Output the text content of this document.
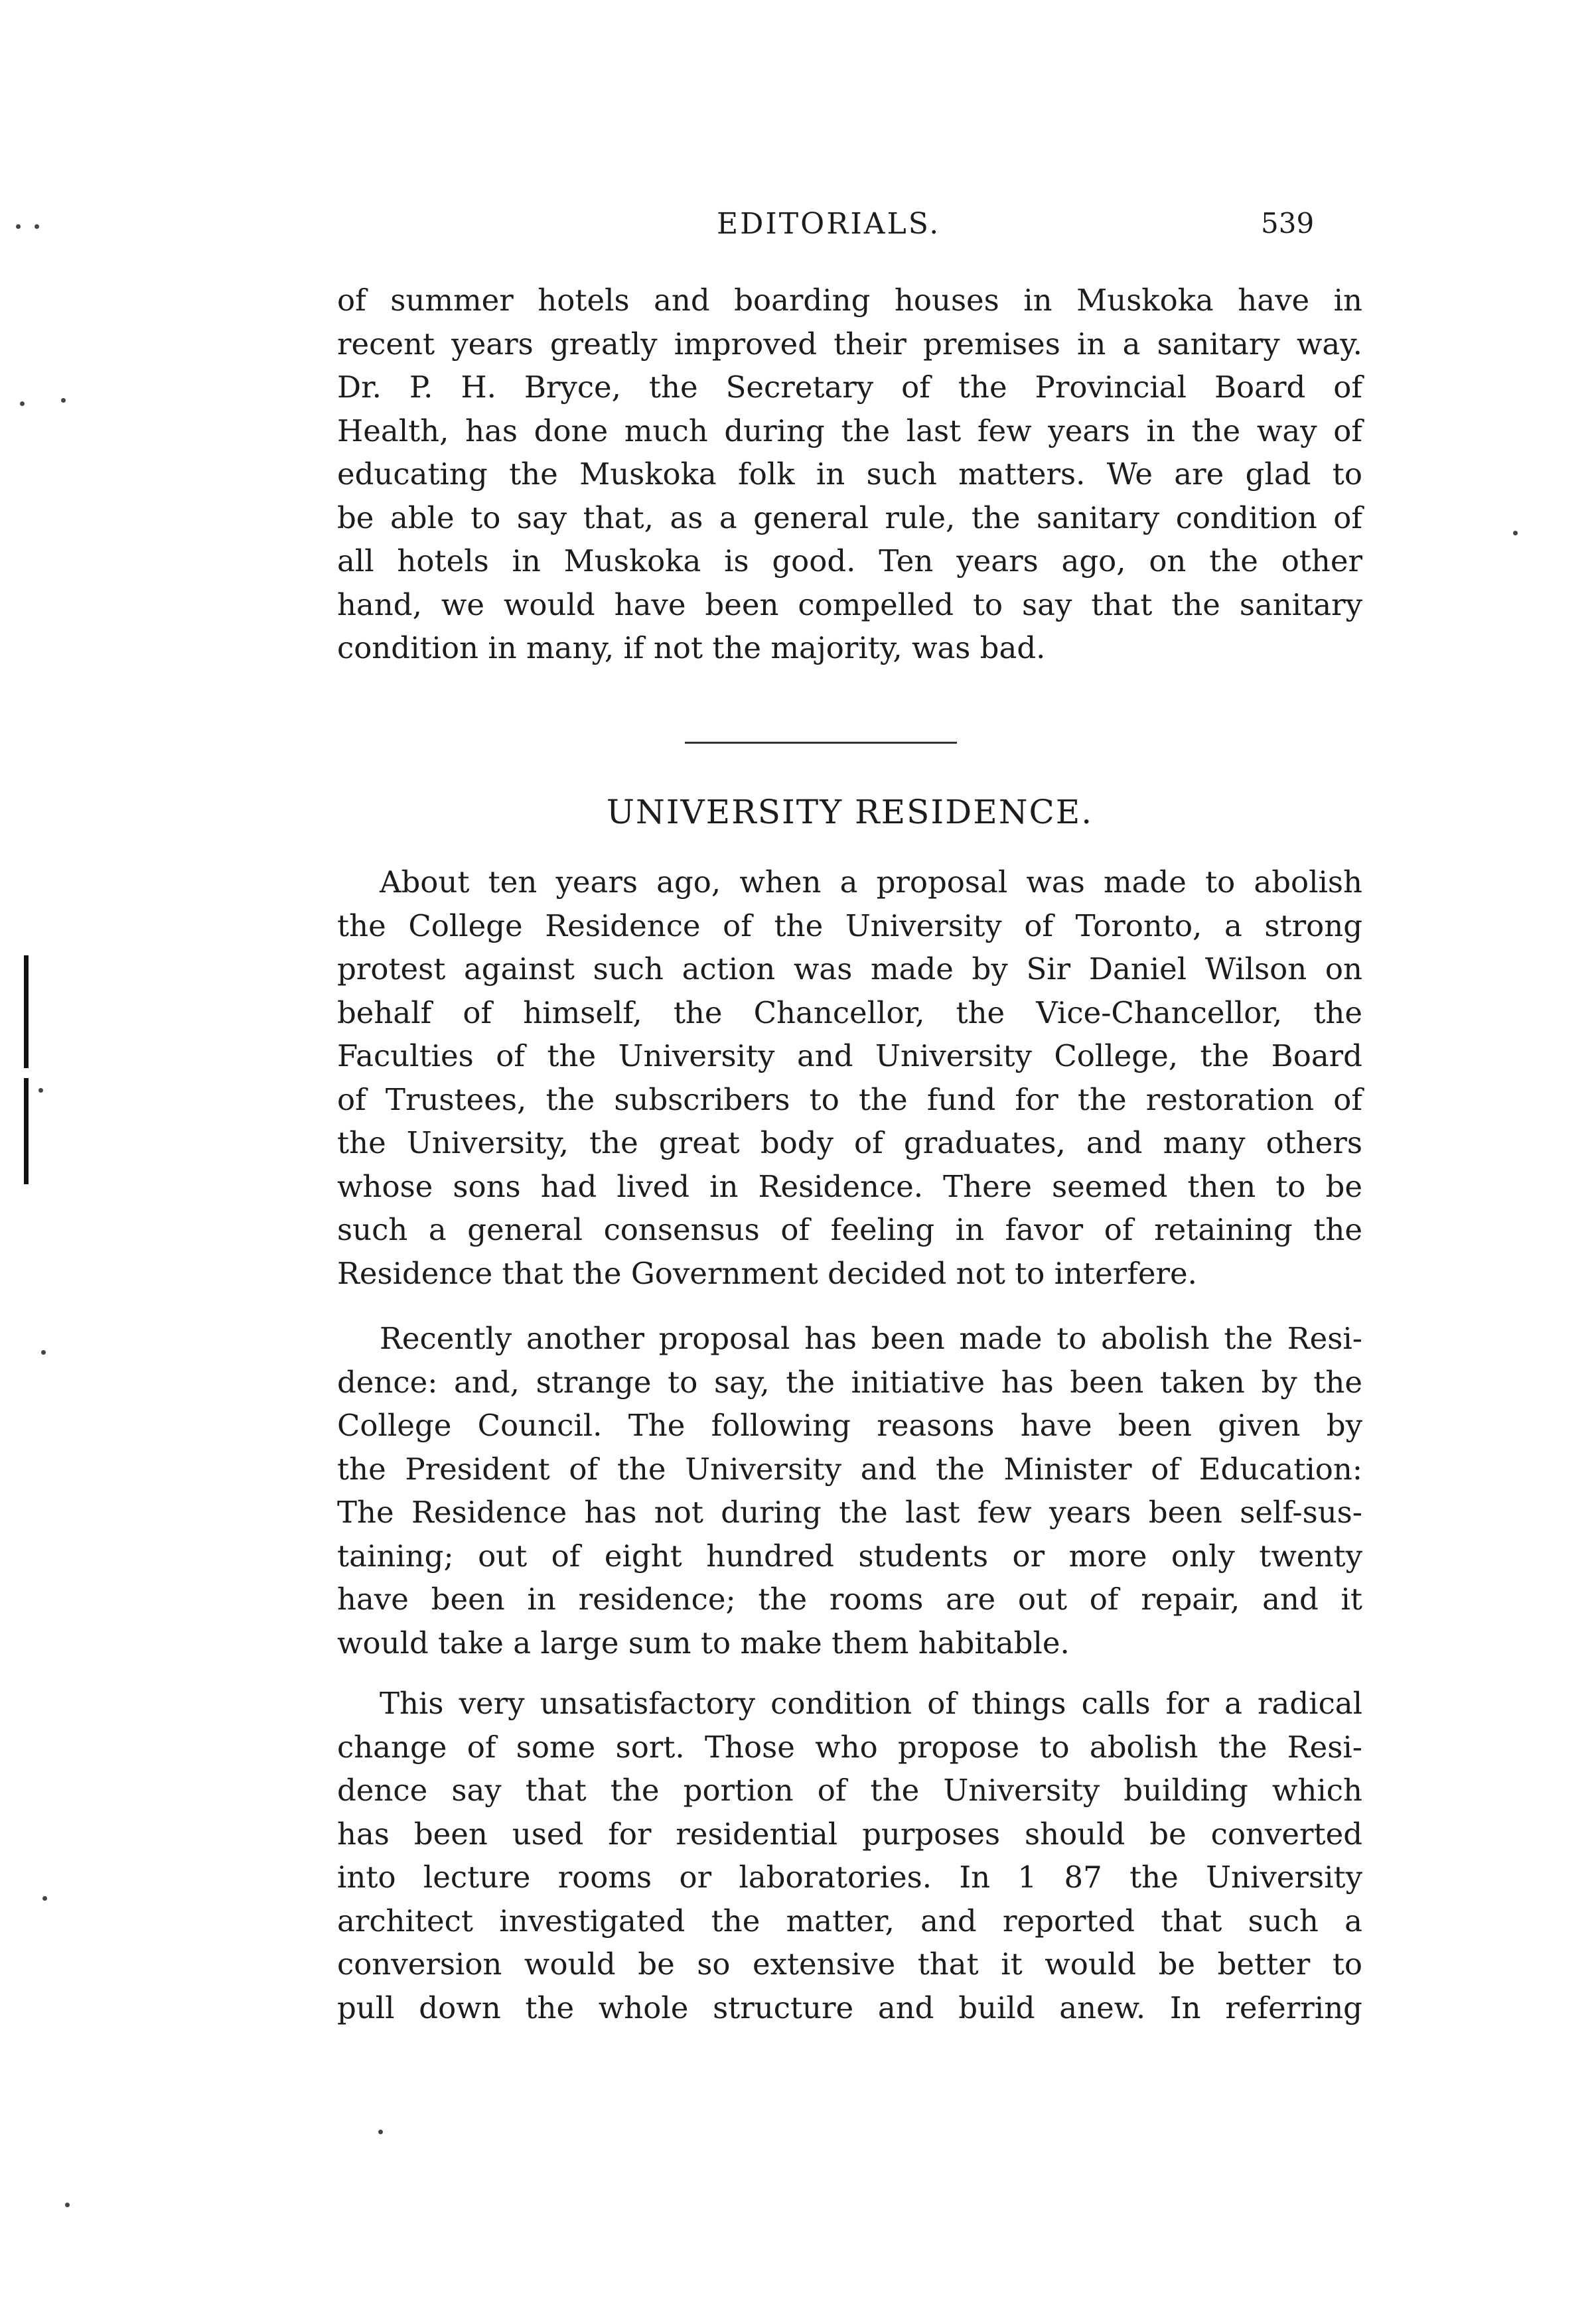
EDITORIALS.	539
of summer hotels and boarding houses in Muskoka have in
recent years greatly improved their premises in a sanitary way.
Dr. P. H. Bryce, the Secretary of the Provincial Board of
Health, has done much during the last few years in the way of
educating the Muskoka folk in such matters. We are glad to
be able to say that, as a general rule, the sanitary condition of
all hotels in Muskoka is good. Ten years ago, on the other
hand, we would have been compelled to say that the sanitary
condition in many, if not the majority, was bad.
UNIVERSITY RESIDENCE.
About ten years ago, when a proposal was made to abolish
the College Residence of the University of Toronto, a strong
protest against such action was made by Sir Daniel Wilson on
behalf of himself, the Chancellor, the Vice-Chancellor, the
Faculties of the University and University College, the Board
of Trustees, the subscribers to the fund for the restoration of
the University, the great body of graduates, and many others
whose sons had lived in Residence. There seemed then to be
such a general consensus of feeling in favor of retaining the
Residence that the Government decided not to interfere.
Recently another proposal has been made to abolish the Resi-
dence: and, strange to say, the initiative has been taken by the
College Council. The following reasons have been given by
the President of the University and the Minister of Education:
The Residence has not during the last few years been self-sus-
taining; out of eight hundred students or more only twenty
have been in residence; the rooms are out of repair, and it
would take a large sum to make them habitable.
This very unsatisfactory condition of things calls for a radical
change of some sort. Those who propose to abolish the Resi-
dence say that the portion of the University building which
has been used for residential purposes should be converted
into lecture rooms or laboratories. In 1 87 the University
architect investigated the matter, and reported that such a
conversion would be so extensive that it would be better to
pull down the whole structure and build anew. In referring
